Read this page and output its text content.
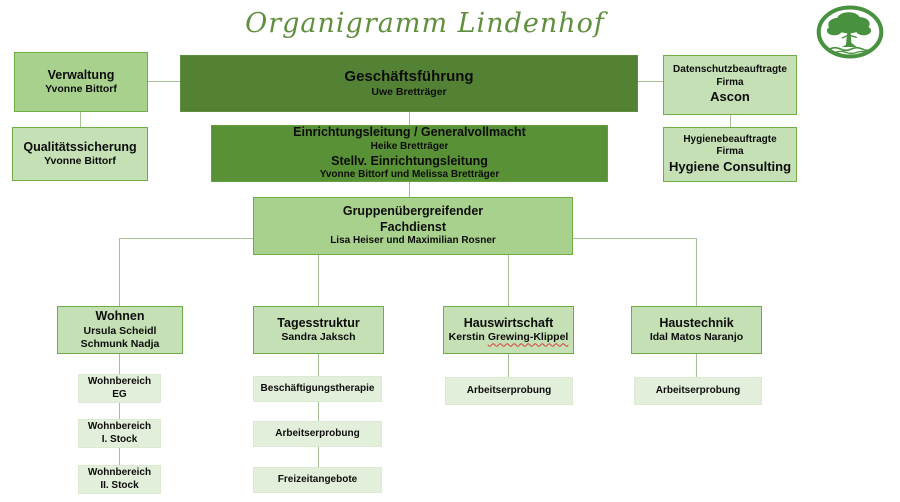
Organigramm Lindenhof
Verwaltung
Yvonne Bittorf
Geschäftsführung
Uwe Bretträger
Datenschutzbeauftragte
Firma
Ascon
Qualitätssicherung
Yvonne Bittorf
Einrichtungsleitung / Generalvollmacht
Heike Bretträger
Stellv. Einrichtungsleitung
Yvonne Bittorf und Melissa Bretträger
Hygienebeauftragte
Firma
Hygiene Consulting
Gruppenübergreifender
Fachdienst
Lisa Heiser und Maximilian Rosner
Wohnen
Ursula Scheidl
Schmunk Nadja
Tagesstruktur
Sandra Jaksch
Hauswirtschaft
Kerstin Grewing-Klippel
Haustechnik
Idal Matos Naranjo
Wohnbereich
EG
Wohnbereich
I. Stock
Wohnbereich
II. Stock
Beschäftigungstherapie
Arbeitserprobung
Freizeitangebote
Arbeitserprobung	Arbeitserprobung
